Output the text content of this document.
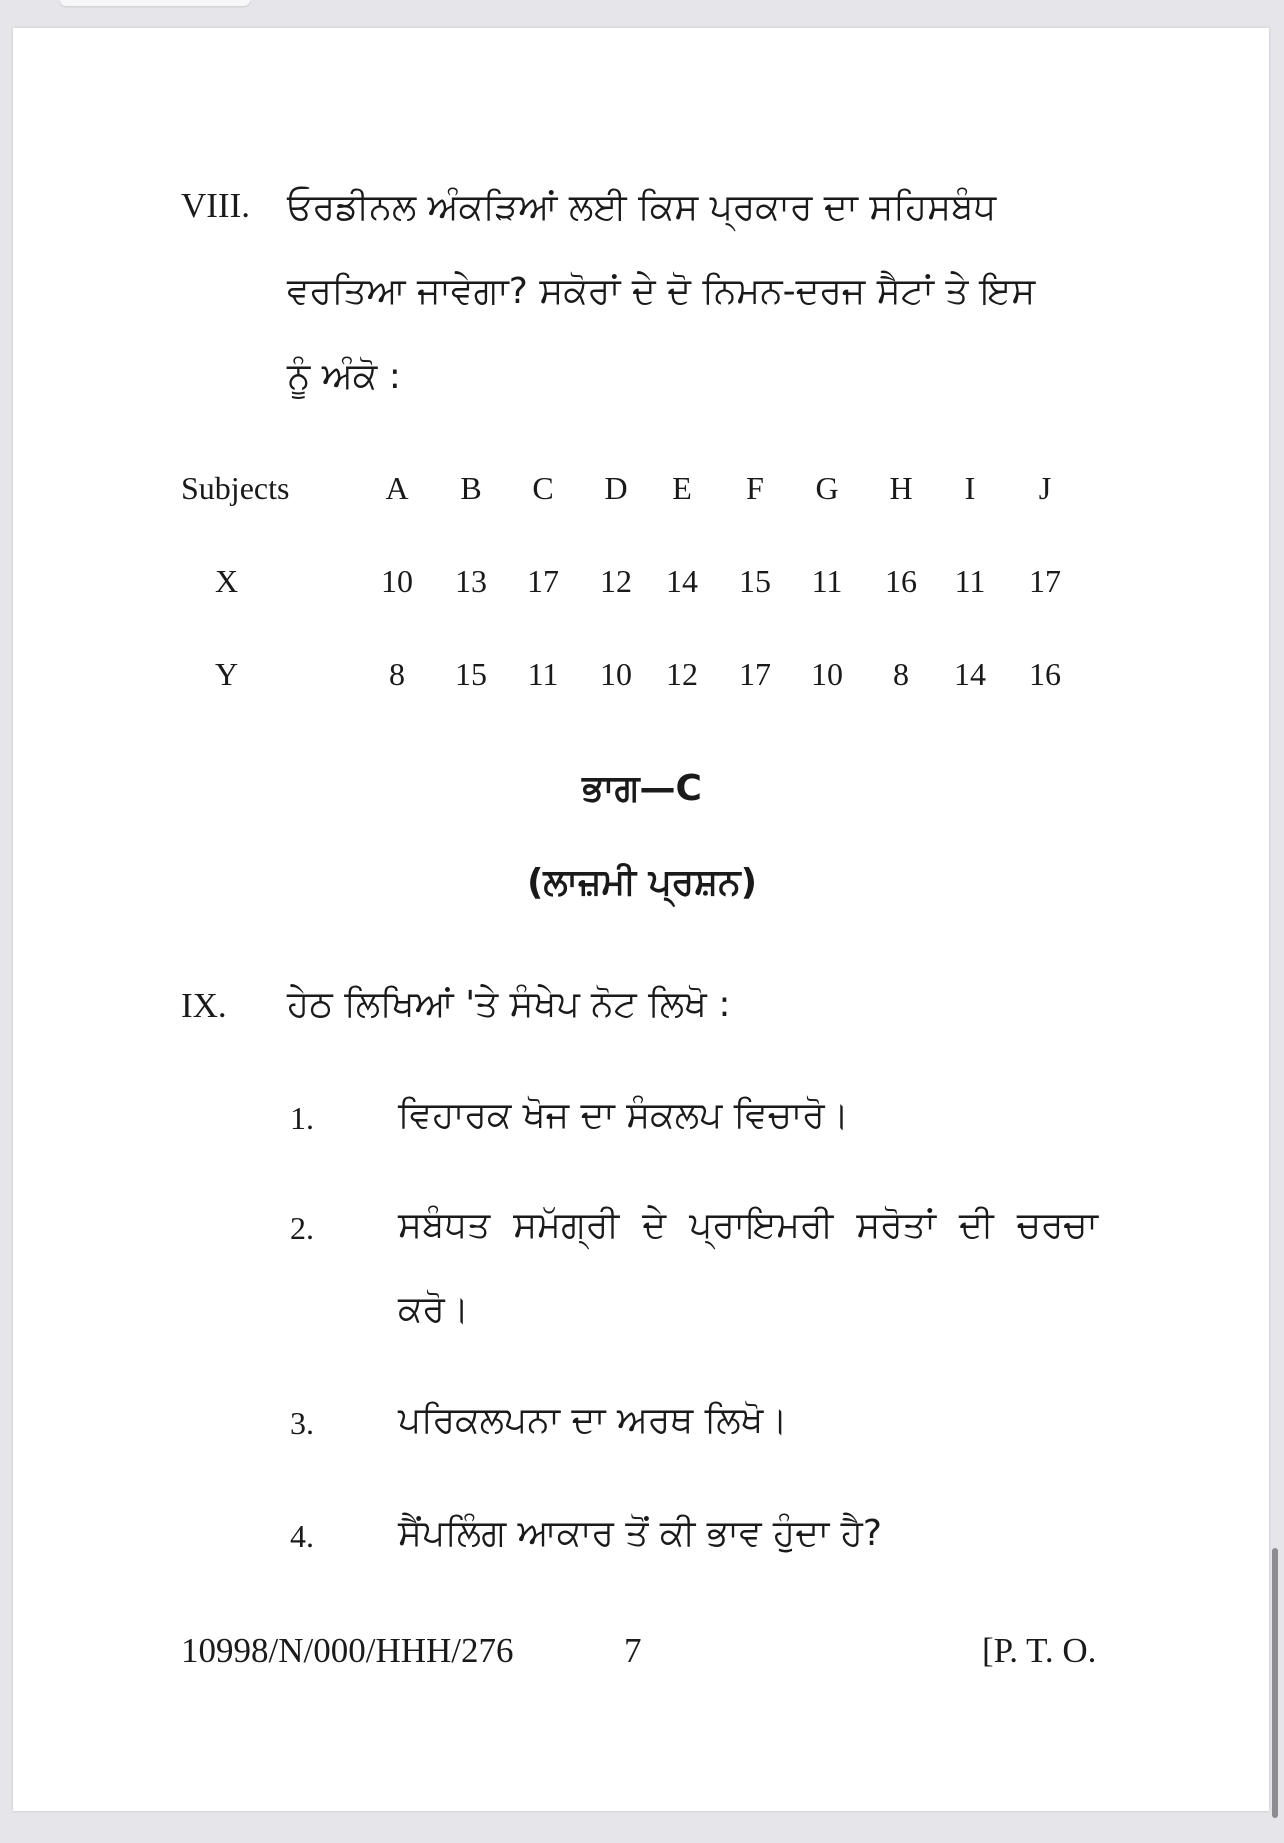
VIII. ਓਰਡੀਨਲ ਅੰਕੜਿਆਂ ਲਈ ਕਿਸ ਪ੍ਰਕਾਰ ਦਾ ਸਹਿਸਬੰਧ
ਵਰਤਿਆ ਜਾਵੇਗਾ? ਸਕੋਰਾਂ ਦੇ ਦੋ ਨਿਮਨ-ਦਰਜ ਸੈਟਾਂ ਤੇ ਇਸ
ਨੂੰ ਅੰਕੋ :
Subjects	A	B	C	D	E	F	G	H	I	J
X	10	13	17	12	14	15	11	16	11	17
Y	8	15	11	10	12	17	10	8	14	16
ਭਾਗ—C
(ਲਾਜ਼ਮੀ ਪ੍ਰਸ਼ਨ)
IX. ਹੇਠ ਲਿਖਿਆਂ 'ਤੇ ਸੰਖੇਪ ਨੋਟ ਲਿਖੋ :
1. ਵਿਹਾਰਕ ਖੋਜ ਦਾ ਸੰਕਲਪ ਵਿਚਾਰੋ।
2. ਸਬੰਧਤ ਸਮੱਗ੍ਰੀ ਦੇ ਪ੍ਰਾਇਮਰੀ ਸਰੋਤਾਂ ਦੀ ਚਰਚਾ
ਕਰੋ।
3. ਪਰਿਕਲਪਨਾ ਦਾ ਅਰਥ ਲਿਖੋ।
4. ਸੈਂਪਲਿੰਗ ਆਕਾਰ ਤੋਂ ਕੀ ਭਾਵ ਹੁੰਦਾ ਹੈ?
10998/N/000/HHH/276	7	[P. T. O.
